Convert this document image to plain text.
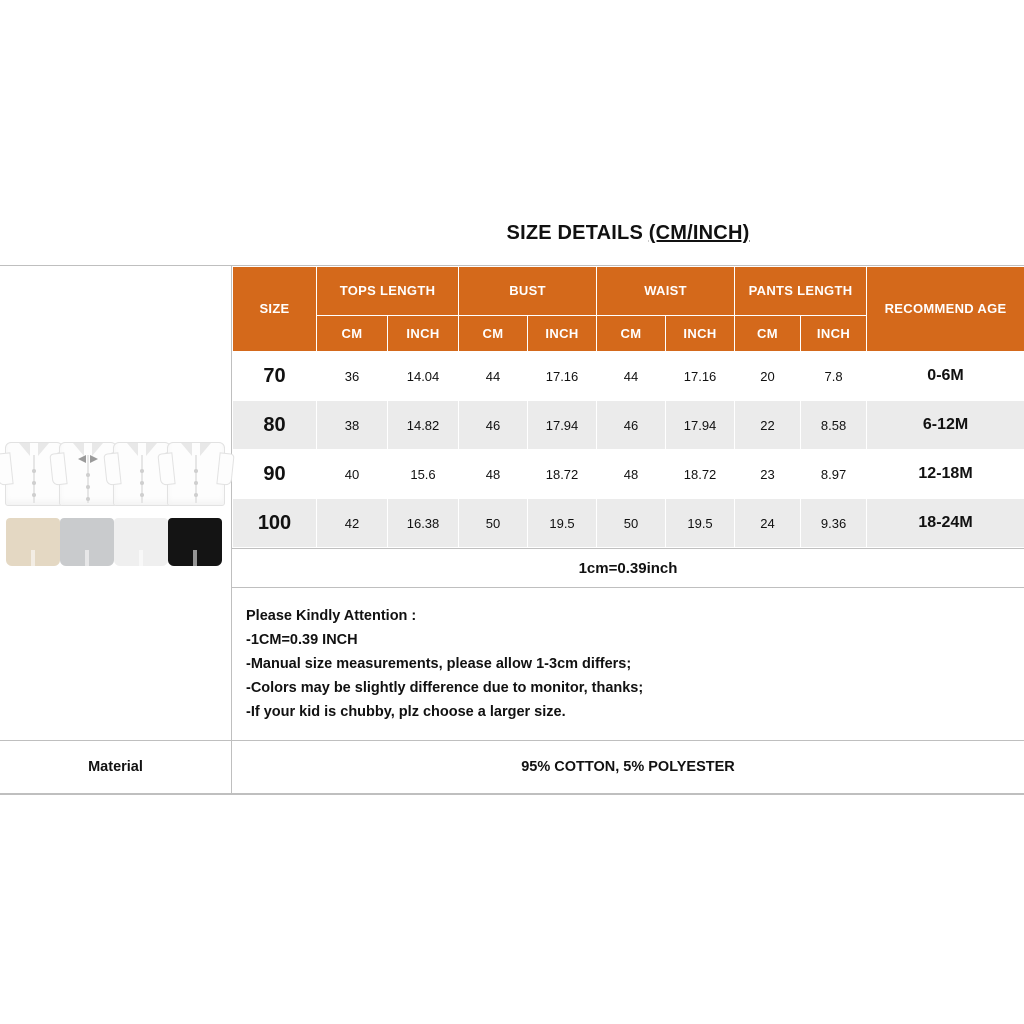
SIZE DETAILS (CM/INCH)
SIZE	TOPS LENGTH		BUST		WAIST		PANTS LENGTH		RECOMMEND AGE
	CM	INCH	CM	INCH	CM	INCH	CM	INCH	
70	36	14.04	44	17.16	44	17.16	20	7.8	0-6M
80	38	14.82	46	17.94	46	17.94	22	8.58	6-12M
90	40	15.6	48	18.72	48	18.72	23	8.97	12-18M
100	42	16.38	50	19.5	50	19.5	24	9.36	18-24M
1cm=0.39inch
Please Kindly Attention :
-1CM=0.39 INCH
-Manual size measurements, please allow 1-3cm differs;
-Colors may be slightly difference due to monitor, thanks;
-If your kid is chubby, plz choose a larger size.
Material	95% COTTON, 5% POLYESTER
